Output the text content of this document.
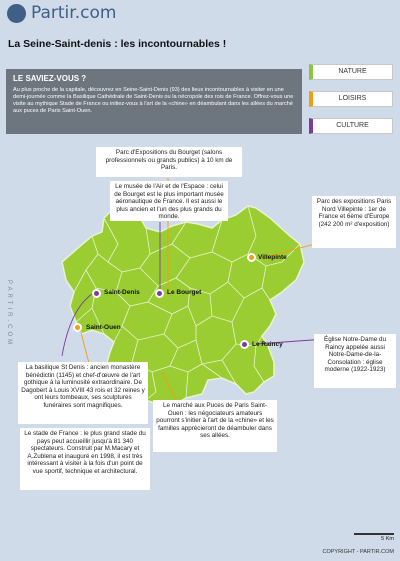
Partir.com
La Seine-Saint-denis : les incontournables !
LE SAVIEZ-VOUS ?
Au plus proche de la capitale, découvrez en Seine-Saint-Denis (93) des lieux incontournables à visiter en une demi-journée comme la Basilique Cathédrale de Saint-Denis ou la nécropole des rois de France. Offrez-vous une visite au mythique Stade de France ou initiez-vous à l'art de la «chine» en déambulant dans les allées du marché aux puces de Paris Saint-Ouen.
NATURE
LOISIRS
CULTURE
Saint-Denis	Le Bourget
Saint-Ouen
Villepinte
Le Raincy
Parc d'Expositions du Bourget (salons professionnels ou grands publics) à 10 km de Paris.
Le musée de l'Air et de l'Espace : celui de Bourget est le plus important musée aéronautique de France. Il est aussi le plus ancien et l'un des plus grands du monde.
Parc des expositions Paris Nord Villepinte : 1er de France et 6ème d'Europe (242 200 m² d'exposition)
Église Notre-Dame du Raincy appelée aussi Notre-Dame-de-la-Consolation : église moderne (1922-1923)
La basilique St Denis : ancien monastère bénédictin (1145) et chef-d'œuvre de l'art gothique à la luminosité extraordinaire. De Dagobert à Louis XVIII 43 rois et 32 reines y ont leurs tombeaux, ses sculptures funéraires sont magnifiques.
Le stade de France : le plus grand stade du pays peut accueillir jusqu'à 81 340 spectateurs. Construit par M.Macary et A.Zublena et inauguré en 1998, il est très intéressant à visiter à la fois d'un point de vue sportif, technique et architectural.
Le marché aux Puces de Paris Saint-Ouen : les négociateurs amateurs pourront s'initier à l'art de la «chine» et les familles apprécieront de déambuler dans ses allées.
PARTIR.COM
5 Km
COPYRIGHT - PARTIR.COM
